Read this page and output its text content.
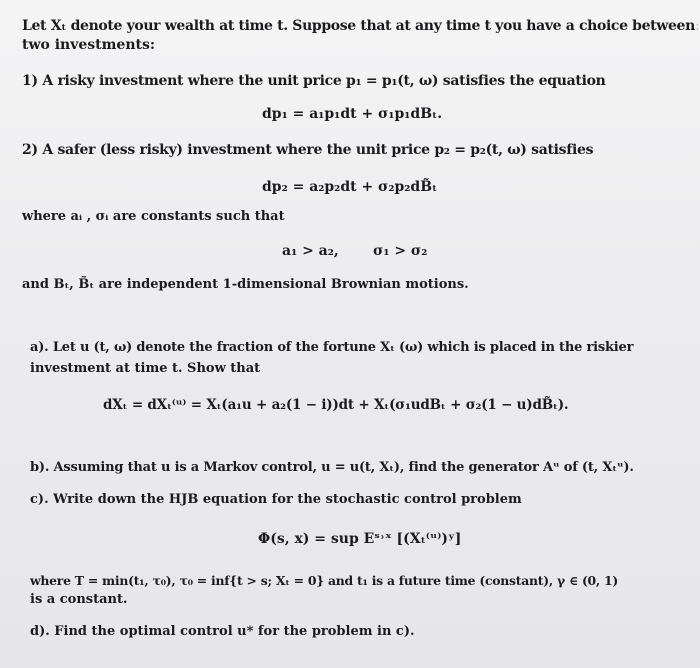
Let Xₜ denote your wealth at time t. Suppose that at any time t you have a choice between:
two investments:
1) A risky investment where the unit price p₁ = p₁(t, ω) satisfies the equation
dp₁ = a₁p₁dt + σ₁p₁dBₜ.
2) A safer (less risky) investment where the unit price p₂ = p₂(t, ω) satisfies
dp₂ = a₂p₂dt + σ₂p₂dB̃ₜ
where aᵢ , σᵢ are constants such that
a₁ > a₂, σ₁ > σ₂
and Bₜ, B̃ₜ are independent 1-dimensional Brownian motions.
a). Let u (t, ω) denote the fraction of the fortune Xₜ (ω) which is placed in the riskier
investment at time t. Show that
dXₜ = dXₜ⁽ᵘ⁾ = Xₜ(a₁u + a₂(1 − i))dt + Xₜ(σ₁udBₜ + σ₂(1 − u)dB̃ₜ).
b). Assuming that u is a Markov control, u = u(t, Xₜ), find the generator Aᵘ of (t, Xₜᵘ).
c). Write down the HJB equation for the stochastic control problem
Φ(s, x) = sup Eˢ˒ˣ [(Xₜ⁽ᵘ⁾)ʸ]
where T = min(t₁, τ₀), τ₀ = inf{t > s; Xₜ = 0} and t₁ is a future time (constant), γ ∈ (0, 1)
is a constant.
d). Find the optimal control u* for the problem in c).
